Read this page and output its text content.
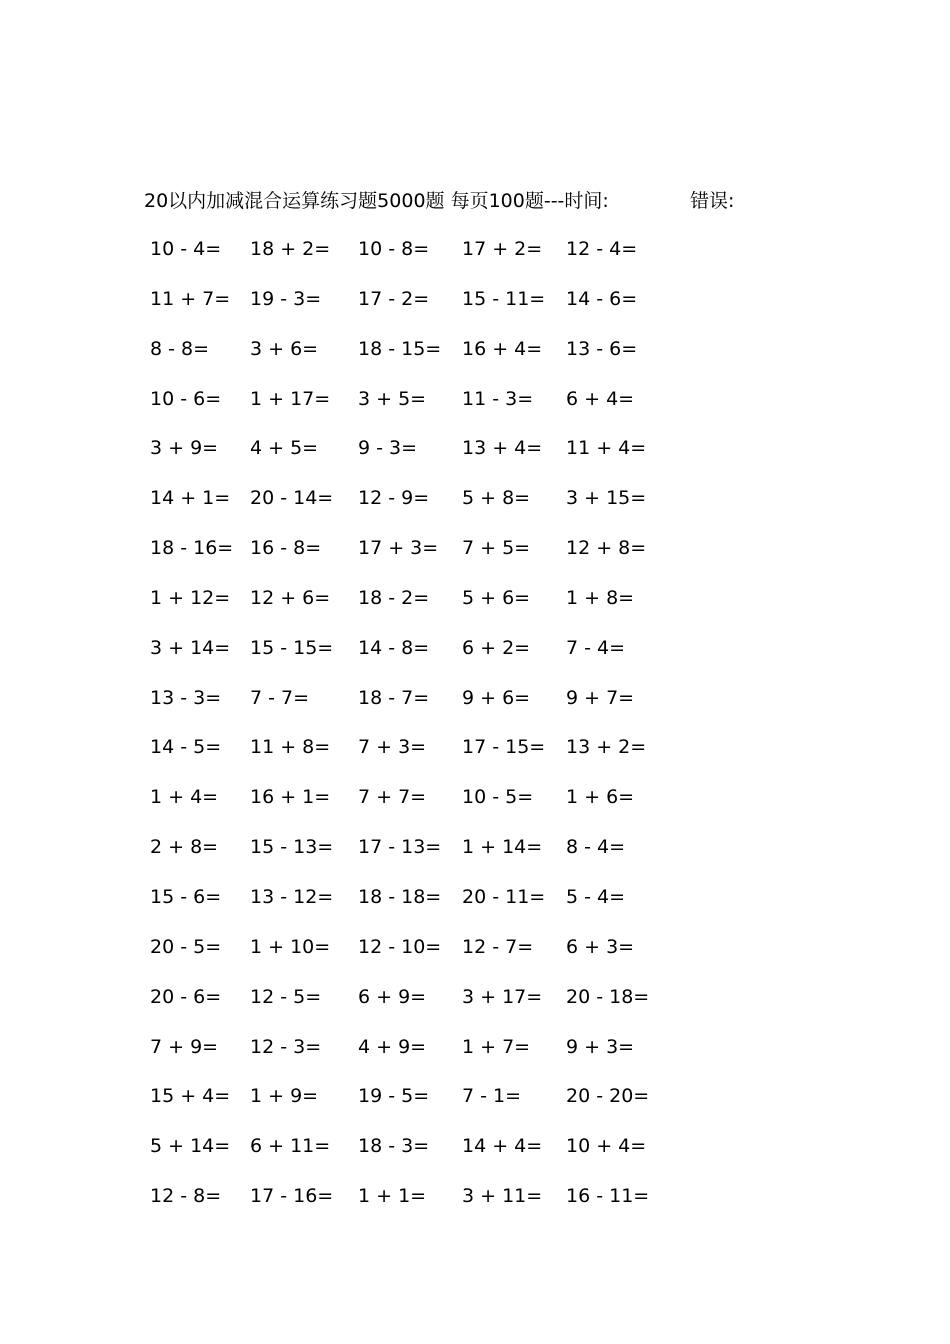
20以内加减混合运算练习题5000题 每页100题---时间:	错误:
10 - 4= 18 + 2= 10 - 8= 17 + 2= 12 - 4=
11 + 7= 19 - 3= 17 - 2= 15 - 11= 14 - 6=
8 - 8= 3 + 6= 18 - 15= 16 + 4= 13 - 6=
10 - 6= 1 + 17= 3 + 5= 11 - 3= 6 + 4=
3 + 9= 4 + 5= 9 - 3= 13 + 4= 11 + 4=
14 + 1= 20 - 14= 12 - 9= 5 + 8= 3 + 15=
18 - 16= 16 - 8= 17 + 3= 7 + 5= 12 + 8=
1 + 12= 12 + 6= 18 - 2= 5 + 6= 1 + 8=
3 + 14= 15 - 15= 14 - 8= 6 + 2= 7 - 4=
13 - 3= 7 - 7=	18 - 7= 9 + 6= 9 + 7=
14 - 5= 11 + 8= 7 + 3= 17 - 15= 13 + 2=
1 + 4= 16 + 1= 7 + 7= 10 - 5= 1 + 6=
2 + 8= 15 - 13= 17 - 13= 1 + 14= 8 - 4=
15 - 6= 13 - 12= 18 - 18= 20 - 11= 5 - 4=
20 - 5= 1 + 10= 12 - 10= 12 - 7= 6 + 3=
20 - 6= 12 - 5= 6 + 9= 3 + 17= 20 - 18=
7 + 9= 12 - 3= 4 + 9= 1 + 7= 9 + 3=
15 + 4= 1 + 9= 19 - 5= 7 - 1= 20 - 20=
5 + 14= 6 + 11= 18 - 3= 14 + 4= 10 + 4=
12 - 8= 17 - 16= 1 + 1= 3 + 11= 16 - 11=
